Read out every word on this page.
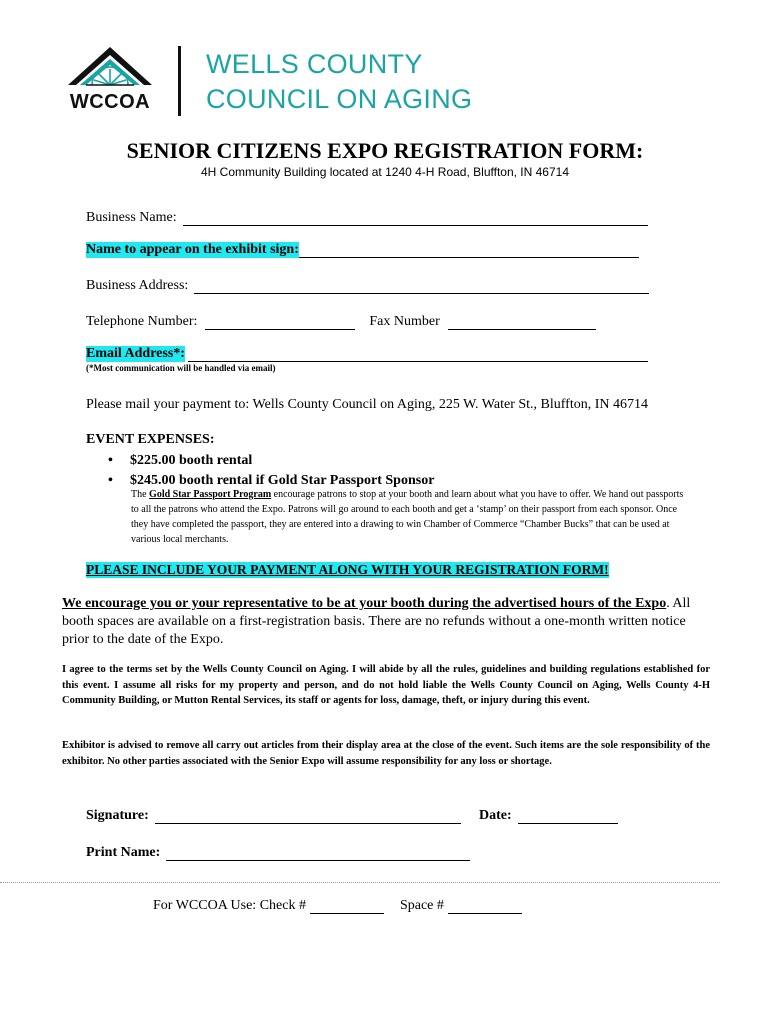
WCCOA
WELLS COUNTY
COUNCIL ON AGING
SENIOR CITIZENS EXPO REGISTRATION FORM:
4H Community Building located at 1240 4-H Road, Bluffton, IN 46714
Business Name:
Name to appear on the exhibit sign:
Business Address:
Telephone Number:	Fax Number
Email Address*:
(*Most communication will be handled via email)
Please mail your payment to: Wells County Council on Aging, 225 W. Water St., Bluffton, IN 46714
EVENT EXPENSES:
• $225.00 booth rental
• $245.00 booth rental if Gold Star Passport Sponsor
The Gold Star Passport Program encourage patrons to stop at your booth and learn about what you have to offer. We hand out passports to all the patrons who attend the Expo. Patrons will go around to each booth and get a ‘stamp’ on their passport from each sponsor. Once they have completed the passport, they are entered into a drawing to win Chamber of Commerce “Chamber Bucks” that can be used at various local merchants.
PLEASE INCLUDE YOUR PAYMENT ALONG WITH YOUR REGISTRATION FORM!
We encourage you or your representative to be at your booth during the advertised hours of the Expo. All booth spaces are available on a first-registration basis. There are no refunds without a one-month written notice prior to the date of the Expo.
I agree to the terms set by the Wells County Council on Aging. I will abide by all the rules, guidelines and building regulations established for this event. I assume all risks for my property and person, and do not hold liable the Wells County Council on Aging, Wells County 4-H Community Building, or Mutton Rental Services, its staff or agents for loss, damage, theft, or injury during this event.
Exhibitor is advised to remove all carry out articles from their display area at the close of the event. Such items are the sole responsibility of the exhibitor. No other parties associated with the Senior Expo will assume responsibility for any loss or shortage.
Signature:	Date:
Print Name:
For WCCOA Use: Check #	Space #
